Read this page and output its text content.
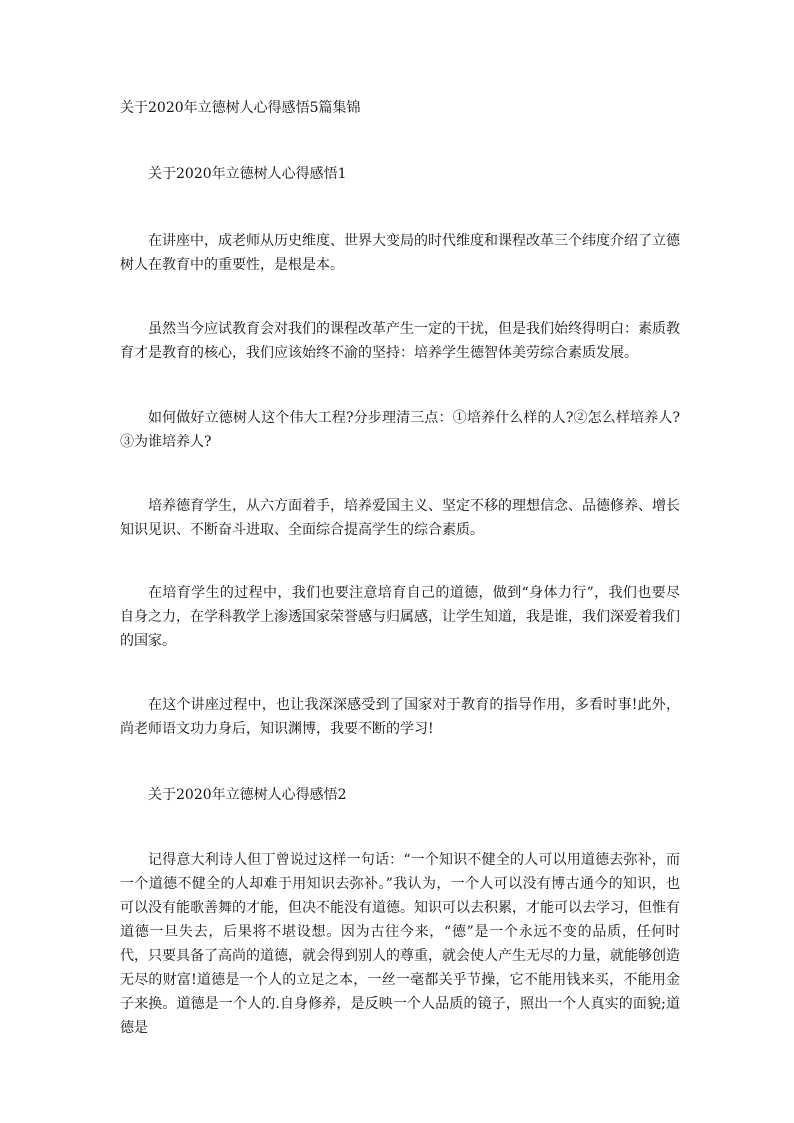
关于2020年立德树人心得感悟5篇集锦
关于2020年立德树人心得感悟1

在讲座中，成老师从历史维度、世界大变局的时代维度和课程改革三个纬度介绍了立德树人在教育中的重要性，是根是本。

虽然当今应试教育会对我们的课程改革产生一定的干扰，但是我们始终得明白：素质教育才是教育的核心，我们应该始终不渝的坚持：培养学生德智体美劳综合素质发展。

如何做好立德树人这个伟大工程?分步理清三点：①培养什么样的人?②怎么样培养人?③为谁培养人?

培养德育学生，从六方面着手，培养爱国主义、坚定不移的理想信念、品德修养、增长知识见识、不断奋斗进取、全面综合提高学生的综合素质。

在培育学生的过程中，我们也要注意培育自己的道德，做到“身体力行”，我们也要尽自身之力，在学科教学上渗透国家荣誉感与归属感，让学生知道，我是谁，我们深爱着我们的国家。

在这个讲座过程中，也让我深深感受到了国家对于教育的指导作用，多看时事!此外，尚老师语文功力身后，知识渊博，我要不断的学习!

关于2020年立德树人心得感悟2

记得意大利诗人但丁曾说过这样一句话：“一个知识不健全的人可以用道德去弥补，而一个道德不健全的人却难于用知识去弥补。”我认为，一个人可以没有博古通今的知识，也可以没有能歌善舞的才能，但决不能没有道德。知识可以去积累，才能可以去学习，但惟有道德一旦失去，后果将不堪设想。因为古往今来，“德”是一个永远不变的品质，任何时代，只要具备了高尚的道德，就会得到别人的尊重，就会使人产生无尽的力量，就能够创造无尽的财富!道德是一个人的立足之本，一丝一毫都关乎节操，它不能用钱来买，不能用金子来换。道德是一个人的.自身修养，是反映一个人品质的镜子，照出一个人真实的面貌;道德是
